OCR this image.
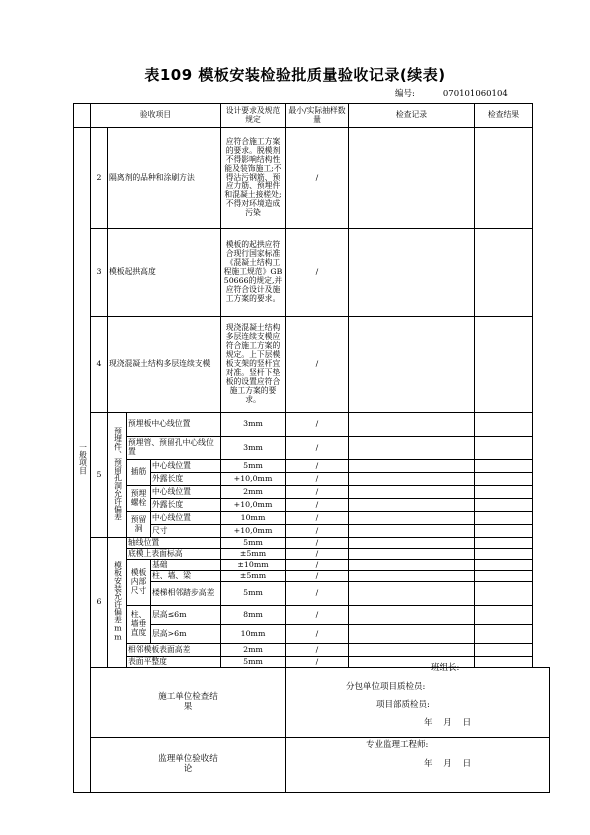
表109 模板安装检验批质量验收记录(续表)
编号:	070101060104
	验收项目				设计要求及规范规定	最小/实际抽样数量	检查记录	检查结果
一般项目	2	隔离剂的品种和涂刷方法			应符合施工方案的要求。脱模剂不得影响结构性能及装饰施工;不得沾污钢筋、预应力筋、预埋件和混凝土接槎处;不得对环境造成污染	/		
	3	模板起拱高度			模板的起拱应符合现行国家标准《混凝土结构工程施工规范》GB 50666的规定,并应符合设计及施工方案的要求。	/		
	4	现浇混凝土结构多层连续支模			现浇混凝土结构多层连续支模应符合施工方案的规定。上下层模板支架的竖杆宜对准。竖杆下垫板的设置应符合施工方案的要求。	/		
	5	预埋件、预留孔洞允许偏差	预埋板中心线位置		3mm	/		
			预埋管、预留孔中心线位置		3mm	/		
			插筋	中心线位置	5mm	/		
				外露长度	+10,0mm	/		
			预埋螺栓	中心线位置	2mm	/		
				外露长度	+10,0mm	/		
			预留洞	中心线位置	10mm	/		
				尺寸	+10,0mm	/		
	6	模板安装允许偏差mm	轴线位置		5mm	/		
			底模上表面标高		±5mm	/		
			模板内部尺寸	基础	±10mm	/		
				柱、墙、梁	±5mm	/		
				楼梯相邻踏步高差	5mm	/		
			柱、墙垂直度	层高≤6m	8mm	/		
				层高>6m	10mm	/		
			相邻模板表面高差		2mm	/		
			表面平整度		5mm	/		
	施工单位检查结果							
	监理单位验收结论							
班组长:
分包单位项目质检员:
项目部质检员:
年    月    日
专业监理工程师:
年    月    日
